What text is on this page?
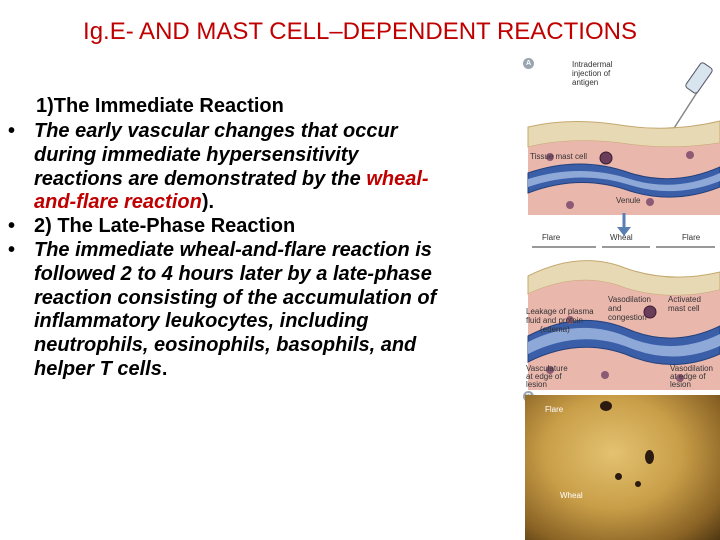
Ig.E- AND MAST CELL–DEPENDENT REACTIONS
1)The Immediate Reaction
• The early vascular changes that occur during immediate hypersensitivity reactions are demonstrated by the wheal-and-flare reaction).
• 2) The Late-Phase Reaction
• The immediate wheal-and-flare reaction is followed 2 to 4 hours later by a late-phase reaction consisting of the accumulation of inflammatory leukocytes, including neutrophils, eosinophils, basophils, and helper T cells.
A	Intradermal injection of antigen
Tissue mast cell
Venule
Flare	Wheal	Flare
Vasodilation and congestion
Activated mast cell
Leakage of plasma fluid and protein
(edema)
Vasculature at edge of lesion
Vasodilation at edge of lesion
Flare
Wheal
